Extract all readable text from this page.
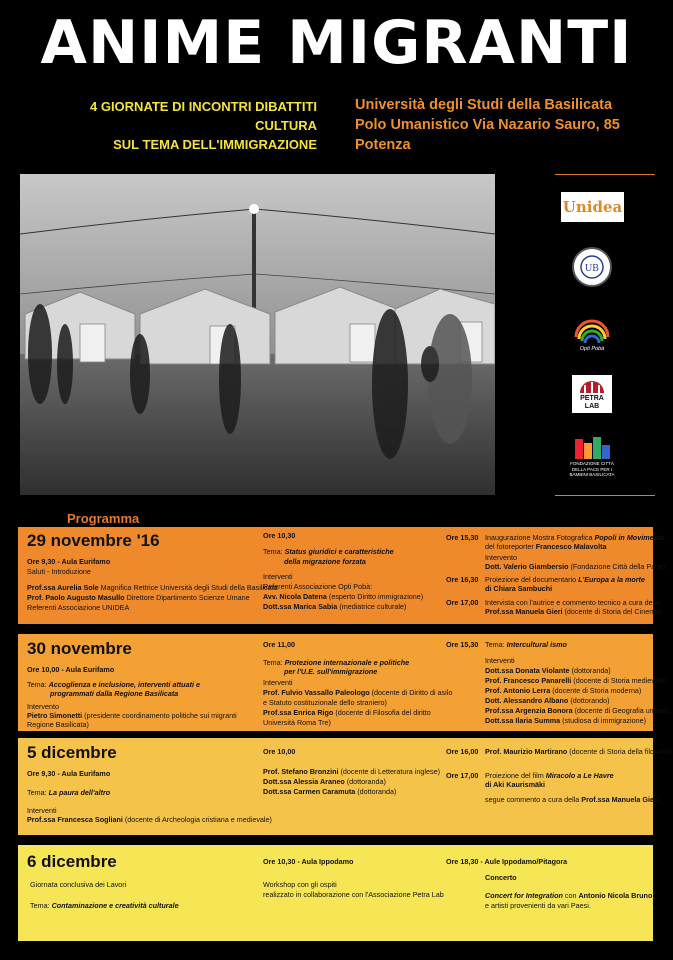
ANIME MIGRANTI
4 GIORNATE DI INCONTRI DIBATTITI
CULTURA
SUL TEMA DELL'IMMIGRAZIONE
Università degli Studi della Basilicata
Polo Umanistico Via Nazario Sauro, 85
Potenza
Unidea
UB
Opti Pobà
PETRA
LAB
FONDAZIONE CITTÀ
DELLA PACE PER I
BAMBINI BASILICATA
Programma
29 novembre '16
Ore 9,30 - Aula Eurifamo
Saluti - Introduzione
Prof.ssa Aurelia Sole Magnifica Rettrice Università degli Studi della Basilicata
Prof. Paolo Augusto Masullo Direttore Dipartimento Scienze Umane
Referenti Associazione UNIDEA
Ore 10,30
Tema: Status giuridici e caratteristiche
della migrazione forzata
Interventi
Referenti Associazione Opti Pobà:
Avv. Nicola Datena (esperto Diritto immigrazione)
Dott.ssa Marica Sabia (mediatrice culturale)
Ore 15,30 Inaugurazione Mostra Fotografica Popoli in Movimento
del fotoreporter Francesco Malavolta
Intervento
Dott. Valerio Giambersio (Fondazione Città della Pace)
Ore 16,30 Proiezione del documentario L'Europa a la morte
di Chiara Sambuchi
Ore 17,00 Intervista con l'autrice e commento tecnico a cura della
Prof.ssa Manuela Gieri (docente di Storia del Cinema)
30 novembre
Ore 10,00 - Aula Eurifamo
Tema: Accoglienza e inclusione, interventi attuati e
programmati dalla Regione Basilicata
Intervento
Pietro Simonetti (presidente coordinamento politiche sui migranti
Regione Basilicata)
Ore 11,00
Tema: Protezione internazionale e politiche
per l'U.E. sull'immigrazione
Interventi
Prof. Fulvio Vassallo Paleologo (docente di Diritto di asilo
e Statuto costituzionale dello straniero)
Prof.ssa Enrica Rigo (docente di Filosofia del diritto
Università Roma Tre)
Ore 15,30 Tema: Intercultural ismo
Interventi
Dott.ssa Donata Violante (dottoranda)
Prof. Francesco Panarelli (docente di Storia medievale)
Prof. Antonio Lerra (docente di Storia moderna)
Dott. Alessandro Albano (dottorando)
Prof.ssa Argenzia Bonora (docente di Geografia umana)
Dott.ssa Ilaria Summa (studiosa di immigrazione)
5 dicembre
Ore 9,30 - Aula Eurifamo
Tema: La paura dell'altro
Interventi
Prof.ssa Francesca Sogliani (docente di Archeologia cristiana e medievale)
Ore 10,00
Prof. Stefano Bronzini (docente di Letteratura inglese)
Dott.ssa Alessia Araneo (dottoranda)
Dott.ssa Carmen Caramuta (dottoranda)
Ore 16,00 Prof. Maurizio Martirano (docente di Storia della filosofia)
Ore 17,00 Proiezione del film Miracolo a Le Havre
di Aki Kaurismäki
segue commento a cura della Prof.ssa Manuela Gieri
6 dicembre
Giornata conclusiva dei Lavori
Tema: Contaminazione e creatività culturale
Ore 10,30 - Aula Ippodamo
Workshop con gli ospiti
realizzato in collaborazione con l'Associazione Petra Lab
Ore 18,30 - Aule Ippodamo/Pitagora
Concerto
Concert for Integration con Antonio Nicola Bruno
e artisti provenienti da vari Paesi.
